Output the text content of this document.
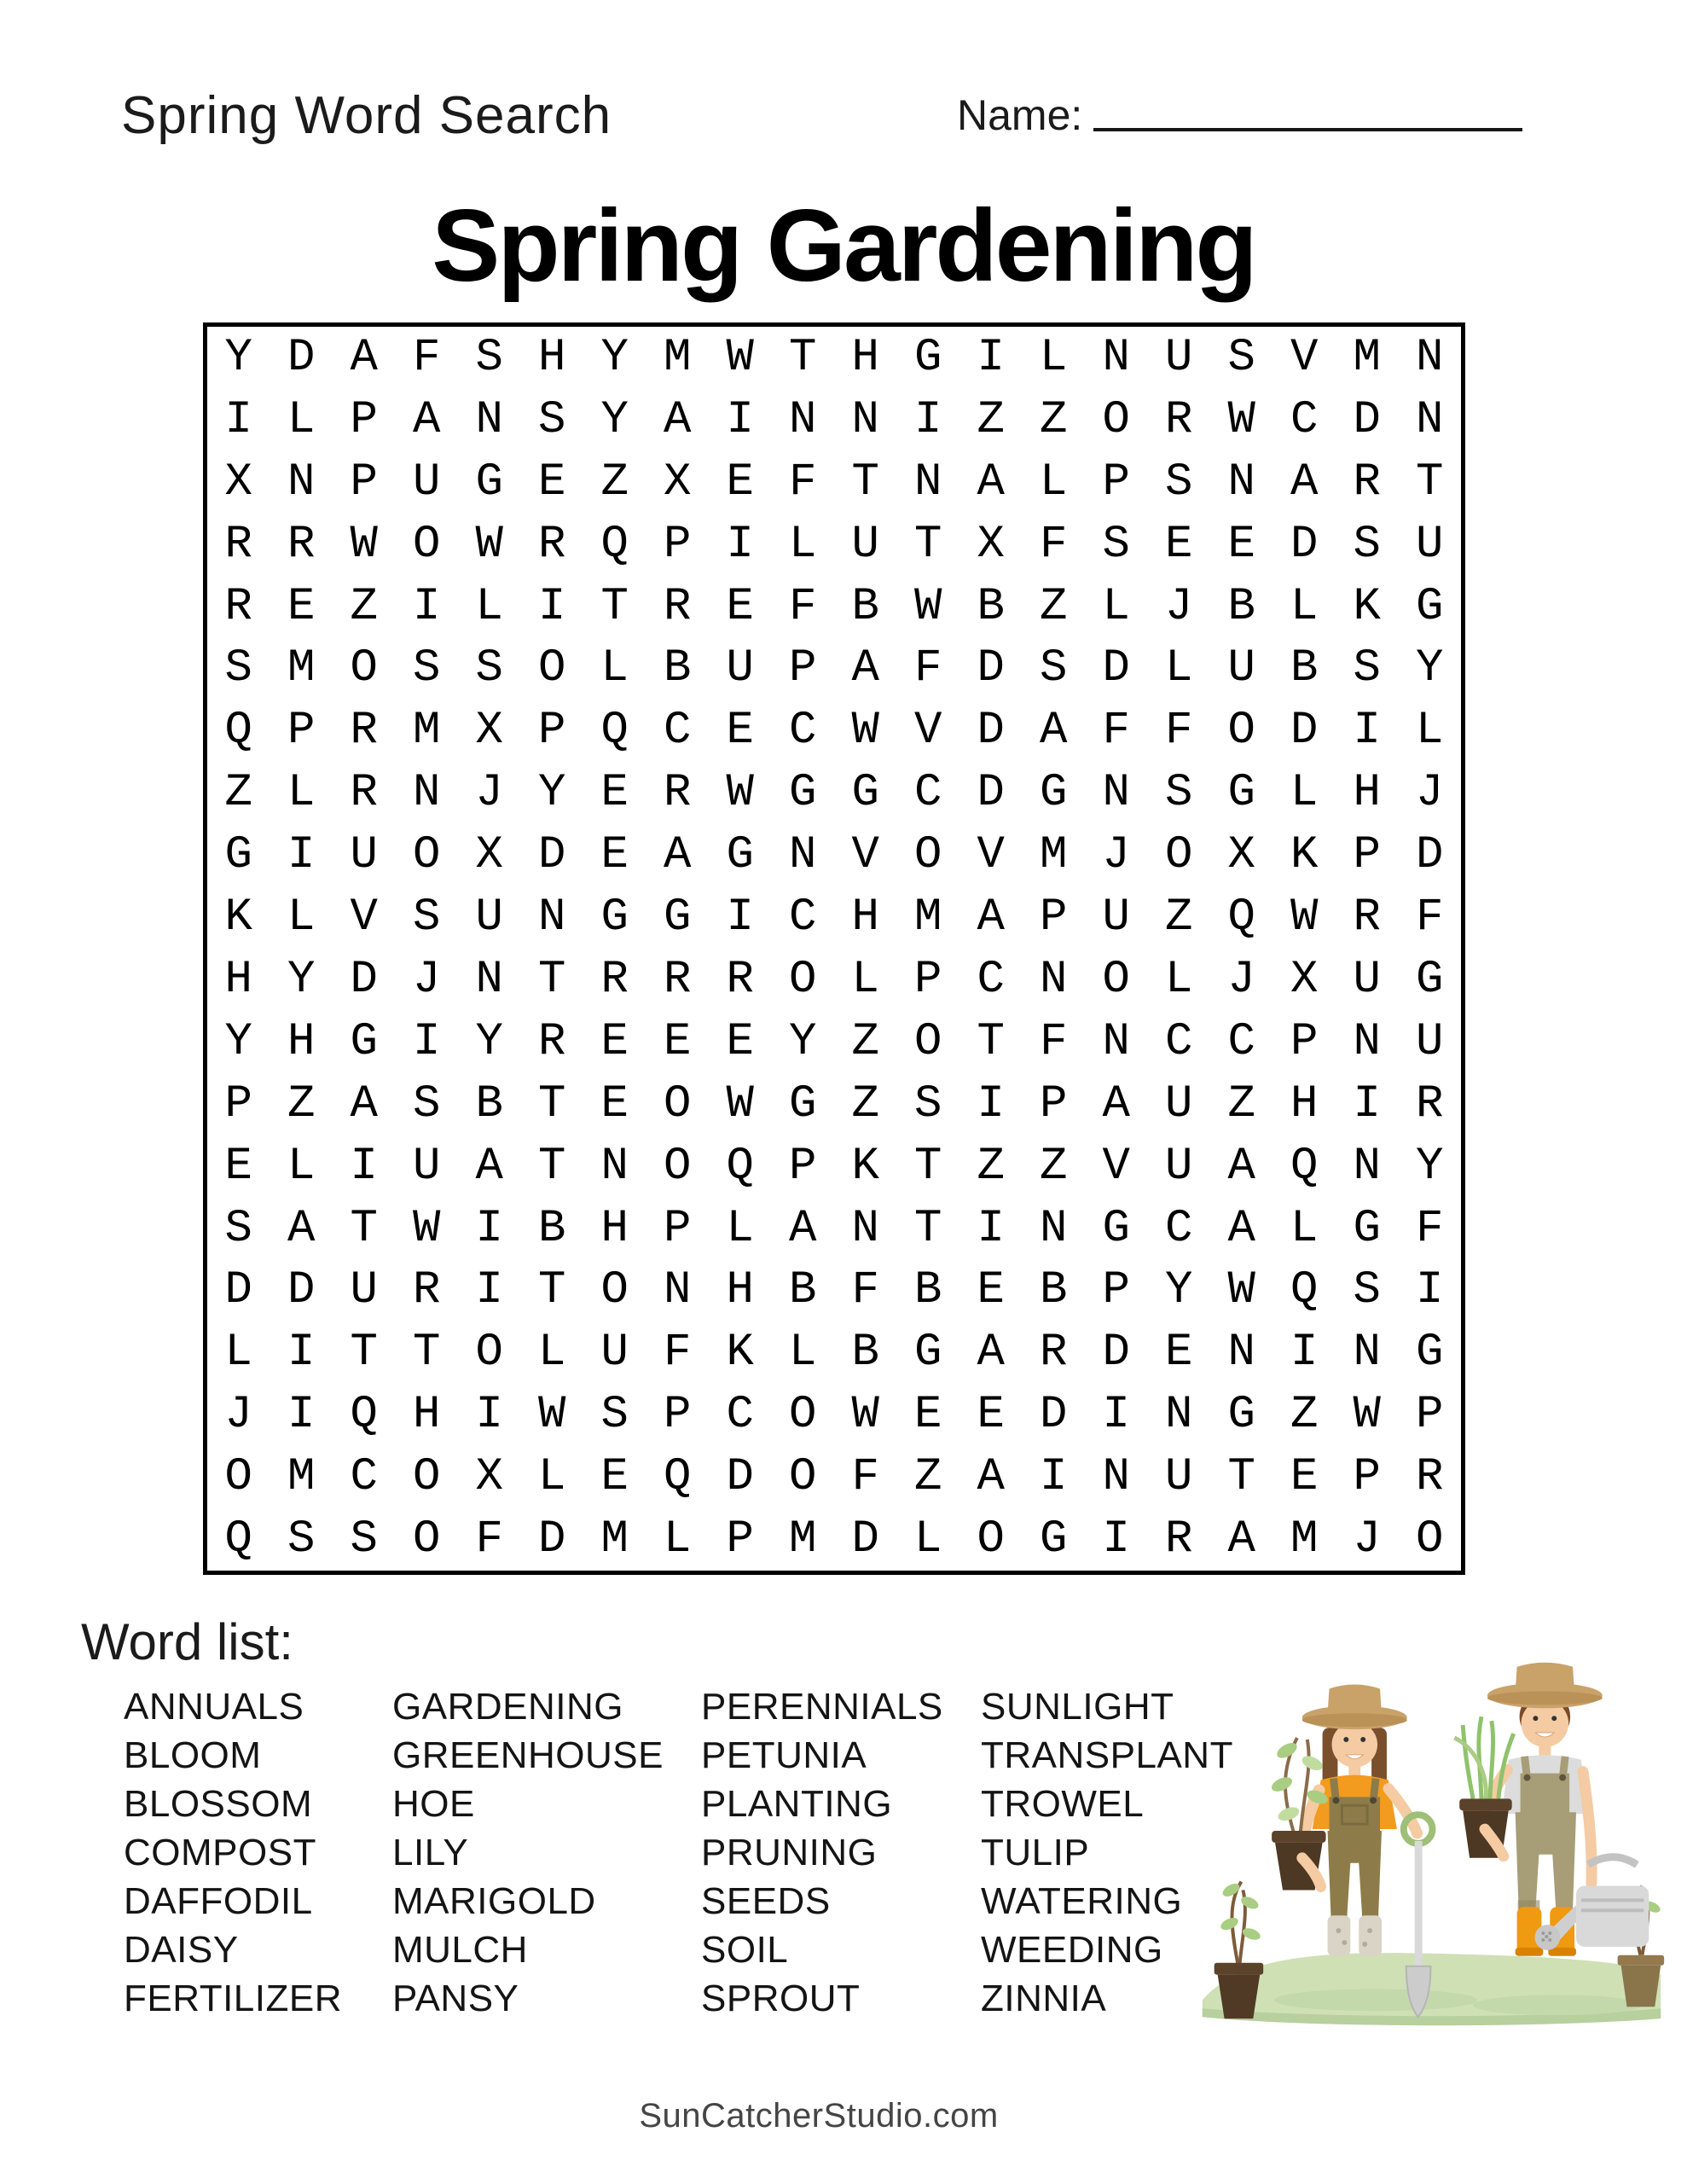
Spring Word Search	Name:
Spring Gardening
Y D A F S H Y M W T H G I L N U S V M N
I L P A N S Y A I N N I Z Z O R W C D N
X N P U G E Z X E F T N A L P S N A R T
R R W O W R Q P I L U T X F S E E D S U
R E Z I L I T R E F B W B Z L J B L K G
S M O S S O L B U P A F D S D L U B S Y
Q P R M X P Q C E C W V D A F F O D I L
Z L R N J Y E R W G G C D G N S G L H J
G I U O X D E A G N V O V M J O X K P D
K L V S U N G G I C H M A P U Z Q W R F
H Y D J N T R R R O L P C N O L J X U G
Y H G I Y R E E E Y Z O T F N C C P N U
P Z A S B T E O W G Z S I P A U Z H I R
E L I U A T N O Q P K T Z Z V U A Q N Y
S A T W I B H P L A N T I N G C A L G F
D D U R I T O N H B F B E B P Y W Q S I
L I T T O L U F K L B G A R D E N I N G
J I Q H I W S P C O W E E D I N G Z W P
O M C O X L E Q D O F Z A I N U T E P R
Q S S O F D M L P M D L O G I R A M J O
Word list:
ANNUALS
BLOOM
BLOSSOM
COMPOST
DAFFODIL
DAISY
FERTILIZER
GARDENING
GREENHOUSE
HOE
LILY
MARIGOLD
MULCH
PANSY
PERENNIALS
PETUNIA
PLANTING
PRUNING
SEEDS
SOIL
SPROUT
SUNLIGHT
TRANSPLANT
TROWEL
TULIP
WATERING
WEEDING
ZINNIA
SunCatcherStudio.com
